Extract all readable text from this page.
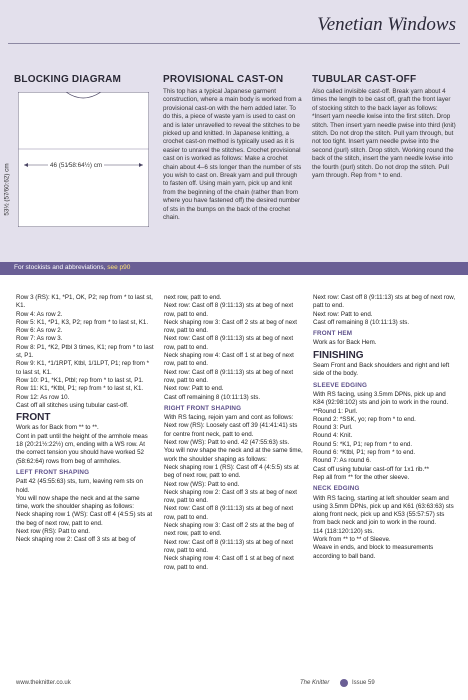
Venetian Windows
BLOCKING DIAGRAM
46 (51⁄58:64½) cm
53½ (57⁄60:62) cm
PROVISIONAL CAST-ON
This top has a typical Japanese garment construction, where a main body is worked from a provisional cast-on with the hem added later. To do this, a piece of waste yarn is used to cast on and is later unravelled to reveal the stitches to be picked up and knitted. In Japanese knitting, a crochet cast-on method is typically used as it is easier to unravel the stitches. Crochet provisional cast on is worked as follows: Make a crochet chain about 4–6 sts longer than the number of sts you wish to cast on. Break yarn and pull through to fasten off. Using main yarn, pick up and knit from the beginning of the chain (rather than from where you have fastened off) the desired number of sts in the bumps on the back of the crochet chain.
TUBULAR CAST-OFF
Also called invisible cast-off. Break yarn about 4 times the length to be cast off, graft the front layer of stocking stitch to the back layer as follows: *Insert yarn needle kwise into the first stitch. Drop stitch. Then insert yarn needle pwise into third (knit) stitch. Do not drop the stitch. Pull yarn through, but not too tight. Insert yarn needle pwise into the second (purl) stitch. Drop stitch. Working round the back of the stitch, insert the yarn needle kwise into the fourth (purl) stitch. Do not drop the stitch. Pull yarn through. Rep from * to end.
For stockists and abbreviations, see p90

Row 3 (RS): K1, *P1, OK, P2; rep from * to last st, K1.

Row 4: As row 2.

Row 5: K1, *P1, K3, P2; rep from * to last st, K1.

Row 6: As row 2.

Row 7: As row 3.

Row 8: P1, *K2, Ptbl 3 times, K1; rep from * to last st, P1.

Row 9: K1, *1/1RPT, Ktbl, 1/1LPT, P1; rep from * to last st, K1.

Row 10: P1, *K1, Ptbl; rep from * to last st, P1.

Row 11: K1, *Ktbl, P1; rep from * to last st, K1.

Row 12: As row 10.

Cast off all stitches using tubular cast-off.

FRONT

Work as for Back from ** to **.

Cont in patt until the height of the armhole meas 18 (20:21½:22½) cm, ending with a WS row. At the correct tension you should have worked 52 (58:62:64) rows from beg of armholes.

LEFT FRONT SHAPING

Patt 42 (45:55:63) sts, turn, leaving rem sts on hold.

You will now shape the neck and at the same time, work the shoulder shaping as follows:

Neck shaping row 1 (WS): Cast off 4 (4:5:5) sts at the beg of next row, patt to end.

Next row (RS): Patt to end.

Neck shaping row 2: Cast off 3 sts at beg of

next row, patt to end.

Next row: Cast off 8 (9:11:13) sts at beg of next row, patt to end.

Neck shaping row 3: Cast off 2 sts at beg of next row, patt to end.

Next row: Cast off 8 (9:11:13) sts at beg of next row, patt to end.

Neck shaping row 4: Cast off 1 st at beg of next row, patt to end.

Next row: Cast off 8 (9:11:13) sts at beg of next row, patt to end.

Next row: Patt to end.

Cast off remaining 8 (10:11:13) sts.

RIGHT FRONT SHAPING

With RS facing, rejoin yarn and cont as follows:

Next row (RS): Loosely cast off 39 (41:41:41) sts for centre front neck, patt to end.

Next row (WS): Patt to end. 42 (47:55:63) sts.

You will now shape the neck and at the same time, work the shoulder shaping as follows:

Neck shaping row 1 (RS): Cast off 4 (4:5:5) sts at beg of next row, patt to end.

Next row (WS): Patt to end.

Neck shaping row 2: Cast off 3 sts at beg of next row, patt to end.

Next row: Cast off 8 (9:11:13) sts at beg of next row, patt to end.

Neck shaping row 3: Cast off 2 sts at the beg of next row, patt to end.

Next row: Cast off 8 (9:11:13) sts at beg of next row, patt to end.

Neck shaping row 4: Cast off 1 st at beg of next row, patt to end.

Next row: Cast off 8 (9:11:13) sts at beg of next row, patt to end.

Next row: Patt to end.

Cast off remaining 8 (10:11:13) sts.

FRONT HEM

Work as for Back Hem.

FINISHING

Seam Front and Back shoulders and right and left side of the body.

SLEEVE EDGING

With RS facing, using 3.5mm DPNs, pick up and K84 (92:98:102) sts and join to work in the round.

**Round 1: Purl.

Round 2: *SSK, yo; rep from * to end.

Round 3: Purl.

Round 4: Knit.

Round 5: *K1, P1; rep from * to end.

Round 6: *Ktbl, P1; rep from * to end.

Round 7: As round 6.

Cast off using tubular cast-off for 1x1 rib.**

Rep all from ** for the other sleeve.

NECK EDGING

With RS facing, starting at left shoulder seam and using 3.5mm DPNs, pick up and K61 (63:63:63) sts along front neck, pick up and K53 (55:57:57) sts from back neck and join to work in the round.

114 (118:120:120) sts.

Work from ** to ** of Sleeve.

Weave in ends, and block to measurements according to ball band.

www.theknitter.co.uk	The Knitter	Issue 59
